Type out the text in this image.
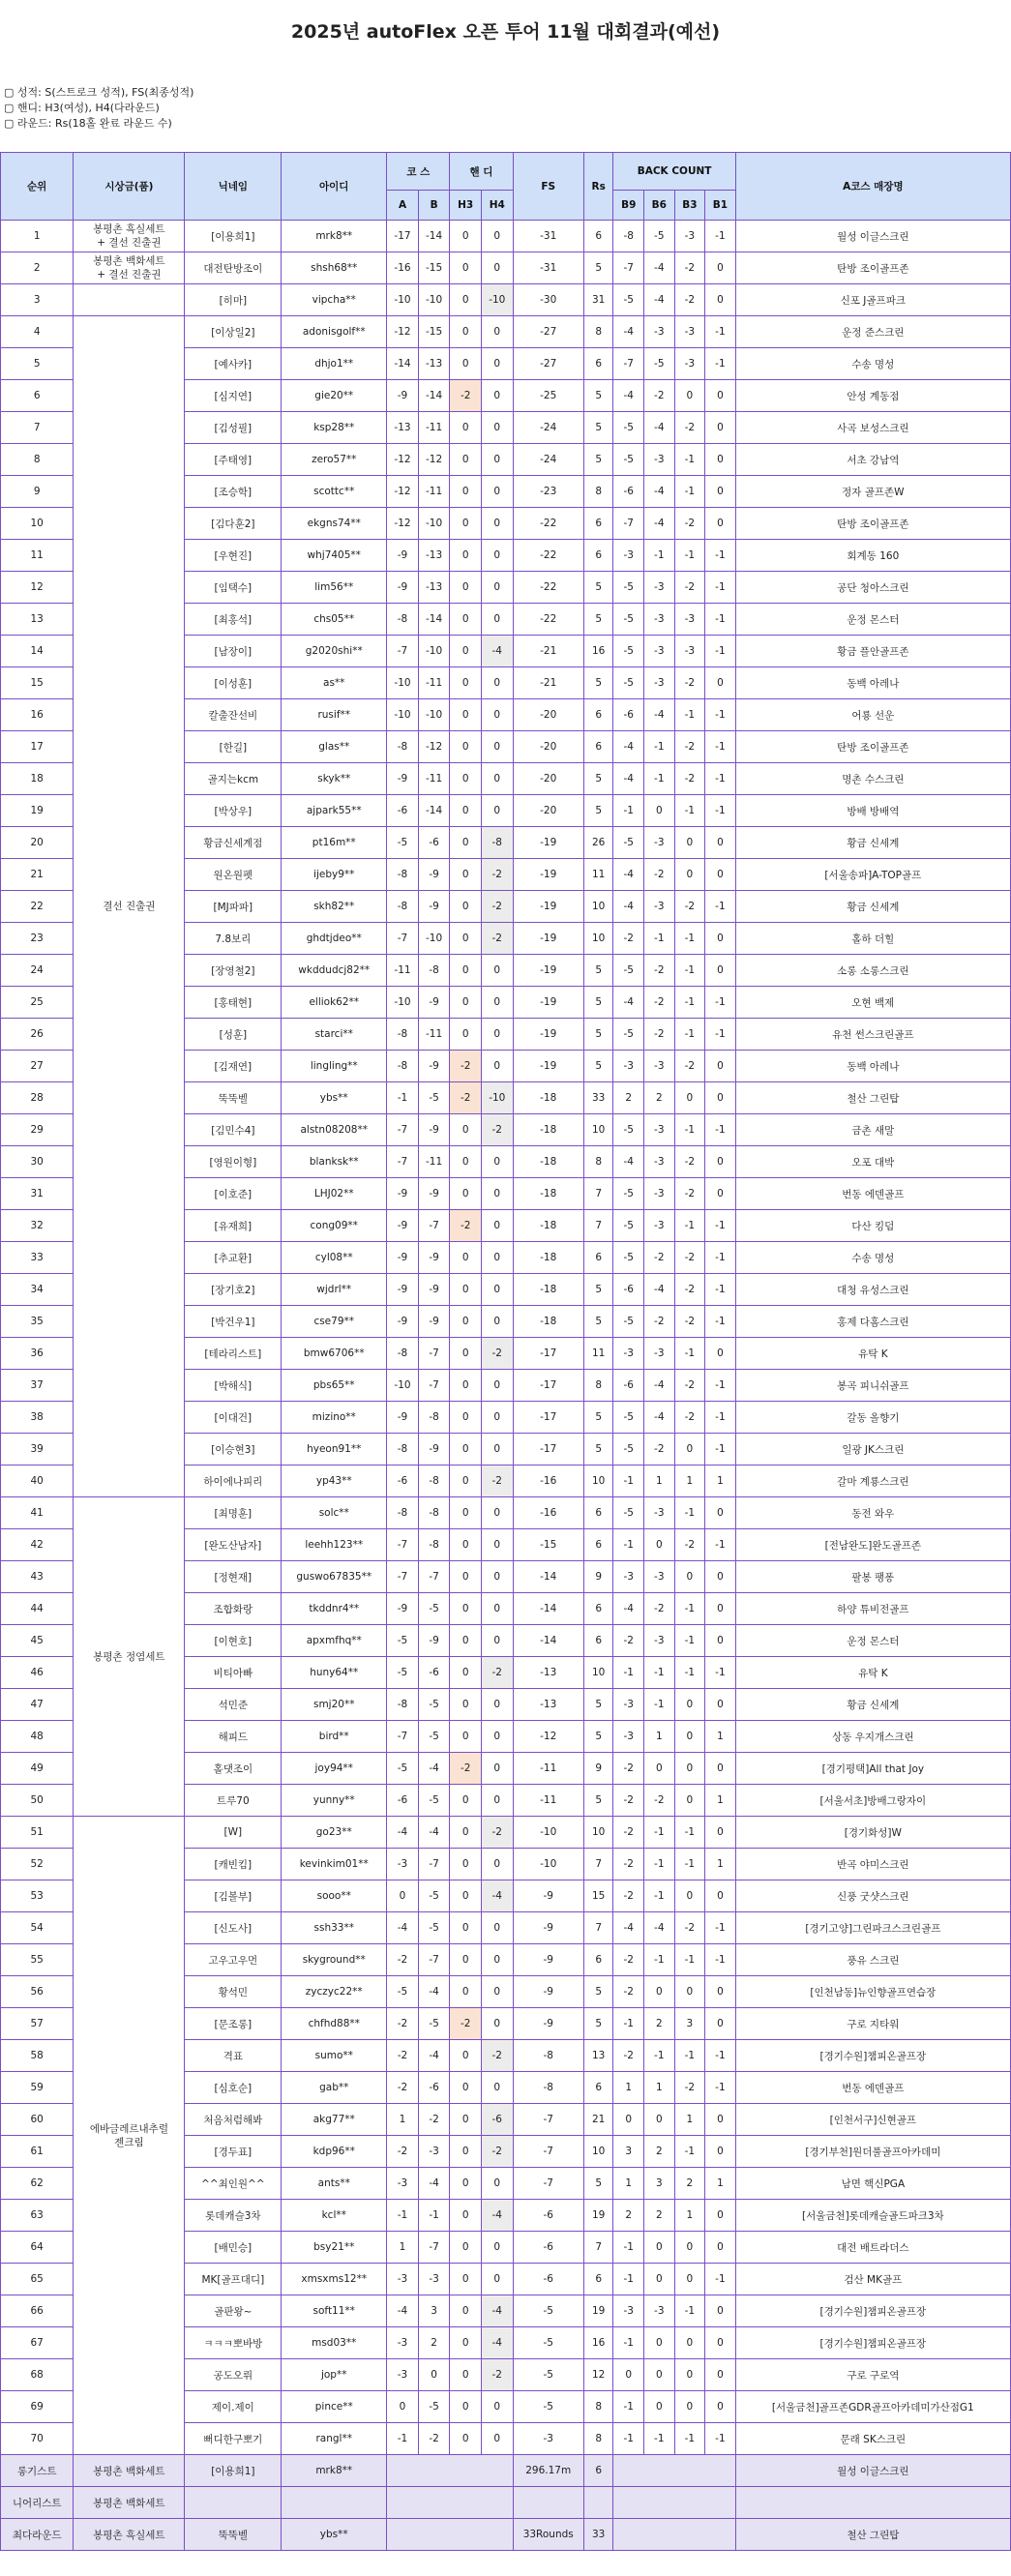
2025년 autoFlex 오픈 투어 11월 대회결과(예선)
▢ 성적: S(스트로크 성적), FS(최종성적)
▢ 핸디: H3(여성), H4(다라운드)
▢ 라운드: Rs(18홀 완료 라운드 수)
순위	시상금(품)	닉네임	아이디	코 스		핸 디		FS	Rs	BACK COUNT				A코스 매장명
				A	B	H3	H4			B9	B6	B3	B1	
1	봉평촌 흑실세트
+ 결선 진출권	[이용희1]	mrk8**	-17	-14	0	0	-31	6	-8	-5	-3	-1	월성 이글스크린
2	봉평촌 백화세트
+ 결선 진출권	대전탄방조이	shsh68**	-16	-15	0	0	-31	5	-7	-4	-2	0	탄방 조이골프존
3		[히마]	vipcha**	-10	-10	0	-10	-30	31	-5	-4	-2	0	신포 J골프파크
4	결선 진출권	[이상일2]	adonisgolf**	-12	-15	0	0	-27	8	-4	-3	-3	-1	운정 준스크린
5		[예사카]	dhjo1**	-14	-13	0	0	-27	6	-7	-5	-3	-1	수송 명성
6		[심지연]	gie20**	-9	-14	-2	0	-25	5	-4	-2	0	0	안성 계동점
7		[김성필]	ksp28**	-13	-11	0	0	-24	5	-5	-4	-2	0	사곡 보성스크린
8		[주태영]	zero57**	-12	-12	0	0	-24	5	-5	-3	-1	0	서초 강남역
9		[조승학]	scottc**	-12	-11	0	0	-23	8	-6	-4	-1	0	정자 골프존W
10		[김다훈2]	ekgns74**	-12	-10	0	0	-22	6	-7	-4	-2	0	탄방 조이골프존
11		[우현진]	whj7405**	-9	-13	0	0	-22	6	-3	-1	-1	-1	회계동 160
12		[임택수]	lim56**	-9	-13	0	0	-22	5	-5	-3	-2	-1	공단 청아스크린
13		[최홍석]	chs05**	-8	-14	0	0	-22	5	-5	-3	-3	-1	운정 몬스터
14		[남장이]	g2020shi**	-7	-10	0	-4	-21	16	-5	-3	-3	-1	황금 플안골프존
15		[이성훈]	as**	-10	-11	0	0	-21	5	-5	-3	-2	0	동백 아레나
16		칼출잔선비	rusif**	-10	-10	0	0	-20	6	-6	-4	-1	-1	어룡 선운
17		[한길]	glas**	-8	-12	0	0	-20	6	-4	-1	-2	-1	탄방 조이골프존
18		골지는kcm	skyk**	-9	-11	0	0	-20	5	-4	-1	-2	-1	명촌 수스크린
19		[박상우]	ajpark55**	-6	-14	0	0	-20	5	-1	0	-1	-1	방배 방배역
20		황금신세계점	pt16m**	-5	-6	0	-8	-19	26	-5	-3	0	0	황금 신세계
21		원온원펫	ijeby9**	-8	-9	0	-2	-19	11	-4	-2	0	0	[서울송파]A-TOP골프
22		[MJ파파]	skh82**	-8	-9	0	-2	-19	10	-4	-3	-2	-1	황금 신세계
23		7.8보리	ghdtjdeo**	-7	-10	0	-2	-19	10	-2	-1	-1	0	홀하 더힐
24		[장영철2]	wkddudcj82**	-11	-8	0	0	-19	5	-5	-2	-1	0	소롱 소롱스크린
25		[홍태현]	elliok62**	-10	-9	0	0	-19	5	-4	-2	-1	-1	오현 백제
26		[성훈]	starci**	-8	-11	0	0	-19	5	-5	-2	-1	-1	유천 썬스크린골프
27		[김재연]	lingling**	-8	-9	-2	0	-19	5	-3	-3	-2	0	동백 아레나
28		뚝뚝벨	ybs**	-1	-5	-2	-10	-18	33	2	2	0	0	철산 그린탑
29		[김민수4]	alstn08208**	-7	-9	0	-2	-18	10	-5	-3	-1	-1	금촌 새말
30		[영원이형]	blanksk**	-7	-11	0	0	-18	8	-4	-3	-2	0	오포 대박
31		[이호준]	LHJ02**	-9	-9	0	0	-18	7	-5	-3	-2	0	번동 에덴골프
32		[유재희]	cong09**	-9	-7	-2	0	-18	7	-5	-3	-1	-1	다산 킹덤
33		[추교환]	cyl08**	-9	-9	0	0	-18	6	-5	-2	-2	-1	수송 명성
34		[장기호2]	wjdrl**	-9	-9	0	0	-18	5	-6	-4	-2	-1	대청 유성스크린
35		[박건우1]	cse79**	-9	-9	0	0	-18	5	-5	-2	-2	-1	홍제 다홈스크린
36		[테라리스트]	bmw6706**	-8	-7	0	-2	-17	11	-3	-3	-1	0	유탁 K
37		[박해식]	pbs65**	-10	-7	0	0	-17	8	-6	-4	-2	-1	봉곡 피니쉬골프
38		[이대건]	mizino**	-9	-8	0	0	-17	5	-5	-4	-2	-1	갈동 올향기
39		[이승현3]	hyeon91**	-8	-9	0	0	-17	5	-5	-2	0	-1	일광 JK스크린
40		하이에나피리	yp43**	-6	-8	0	-2	-16	10	-1	1	1	1	갈마 계룡스크린
41	봉평촌 정염세트	[최명훈]	solc**	-8	-8	0	0	-16	6	-5	-3	-1	0	동전 와우
42		[완도산남자]	leehh123**	-7	-8	0	0	-15	6	-1	0	-2	-1	[전남완도]완도골프존
43		[정현재]	guswo67835**	-7	-7	0	0	-14	9	-3	-3	0	0	팔봉 팽퐁
44		조합화랑	tkddnr4**	-9	-5	0	0	-14	6	-4	-2	-1	0	하양 튜비전골프
45		[이현호]	apxmfhq**	-5	-9	0	0	-14	6	-2	-3	-1	0	운정 몬스터
46		비티아빠	huny64**	-5	-6	0	-2	-13	10	-1	-1	-1	-1	유탁 K
47		석민준	smj20**	-8	-5	0	0	-13	5	-3	-1	0	0	황금 신세계
48		해피드	bird**	-7	-5	0	0	-12	5	-3	1	0	1	상동 우지개스크린
49		홀댓조이	joy94**	-5	-4	-2	0	-11	9	-2	0	0	0	[경기평택]All that Joy
50		트루70	yunny**	-6	-5	0	0	-11	5	-2	-2	0	1	[서울서초]방배그랑자이
51	에바글레르내추럴
젠크림	[W]	go23**	-4	-4	0	-2	-10	10	-2	-1	-1	0	[경기화성]W
52		[캐빈킴]	kevinkim01**	-3	-7	0	0	-10	7	-2	-1	-1	1	반곡 야미스크린
53		[김볼부]	sooo**	0	-5	0	-4	-9	15	-2	-1	0	0	신풍 굿샷스크린
54		[신도사]	ssh33**	-4	-5	0	0	-9	7	-4	-4	-2	-1	[경기고양]그린파크스크린골프
55		고우고우먼	skyground**	-2	-7	0	0	-9	6	-2	-1	-1	-1	풍유 스크린
56		황석민	zyczyc22**	-5	-4	0	0	-9	5	-2	0	0	0	[인천남동]뉴인향골프연습장
57		[문조롱]	chfhd88**	-2	-5	-2	0	-9	5	-1	2	3	0	구로 지타워
58		격표	sumo**	-2	-4	0	-2	-8	13	-2	-1	-1	-1	[경기수원]챔피온골프장
59		[심호순]	gab**	-2	-6	0	0	-8	6	1	1	-2	-1	번동 에덴골프
60		처음처럼해봐	akg77**	1	-2	0	-6	-7	21	0	0	1	0	[인천서구]신현골프
61		[경두표]	kdp96**	-2	-3	0	-2	-7	10	3	2	-1	0	[경기부천]원더풀골프아카데미
62		^^최인원^^	ants**	-3	-4	0	0	-7	5	1	3	2	1	남면 핵신PGA
63		롯데캐슬3차	kcl**	-1	-1	0	-4	-6	19	2	2	1	0	[서울금천]롯데캐슬골드파크3차
64		[배민승]	bsy21**	1	-7	0	0	-6	7	-1	0	0	0	대전 배트라더스
65		MK[골프대디]	xmsxms12**	-3	-3	0	0	-6	6	-1	0	0	-1	검산 MK골프
66		골판왕~	soft11**	-4	3	0	-4	-5	19	-3	-3	-1	0	[경기수원]챔피온골프장
67		ㅋㅋㅋ뽀바방	msd03**	-3	2	0	-4	-5	16	-1	0	0	0	[경기수원]챔피온골프장
68		공도오뤼	jop**	-3	0	0	-2	-5	12	0	0	0	0	구로 구로역
69		제이.제이	pince**	0	-5	0	0	-5	8	-1	0	0	0	[서울금천]골프존GDR골프아카데미가산점G1
70		뻐디한구뽀기	rangl**	-1	-2	0	0	-3	8	-1	-1	-1	-1	문래 SK스크린
롱기스트	봉평촌 백화세트	[이용희1]	mrk8**					296.17m	6					월성 이글스크린
니어리스트	봉평촌 백화세트													
최다라운드	봉평촌 흑실세트	뚝뚝벨	ybs**					33Rounds	33					철산 그린탑
